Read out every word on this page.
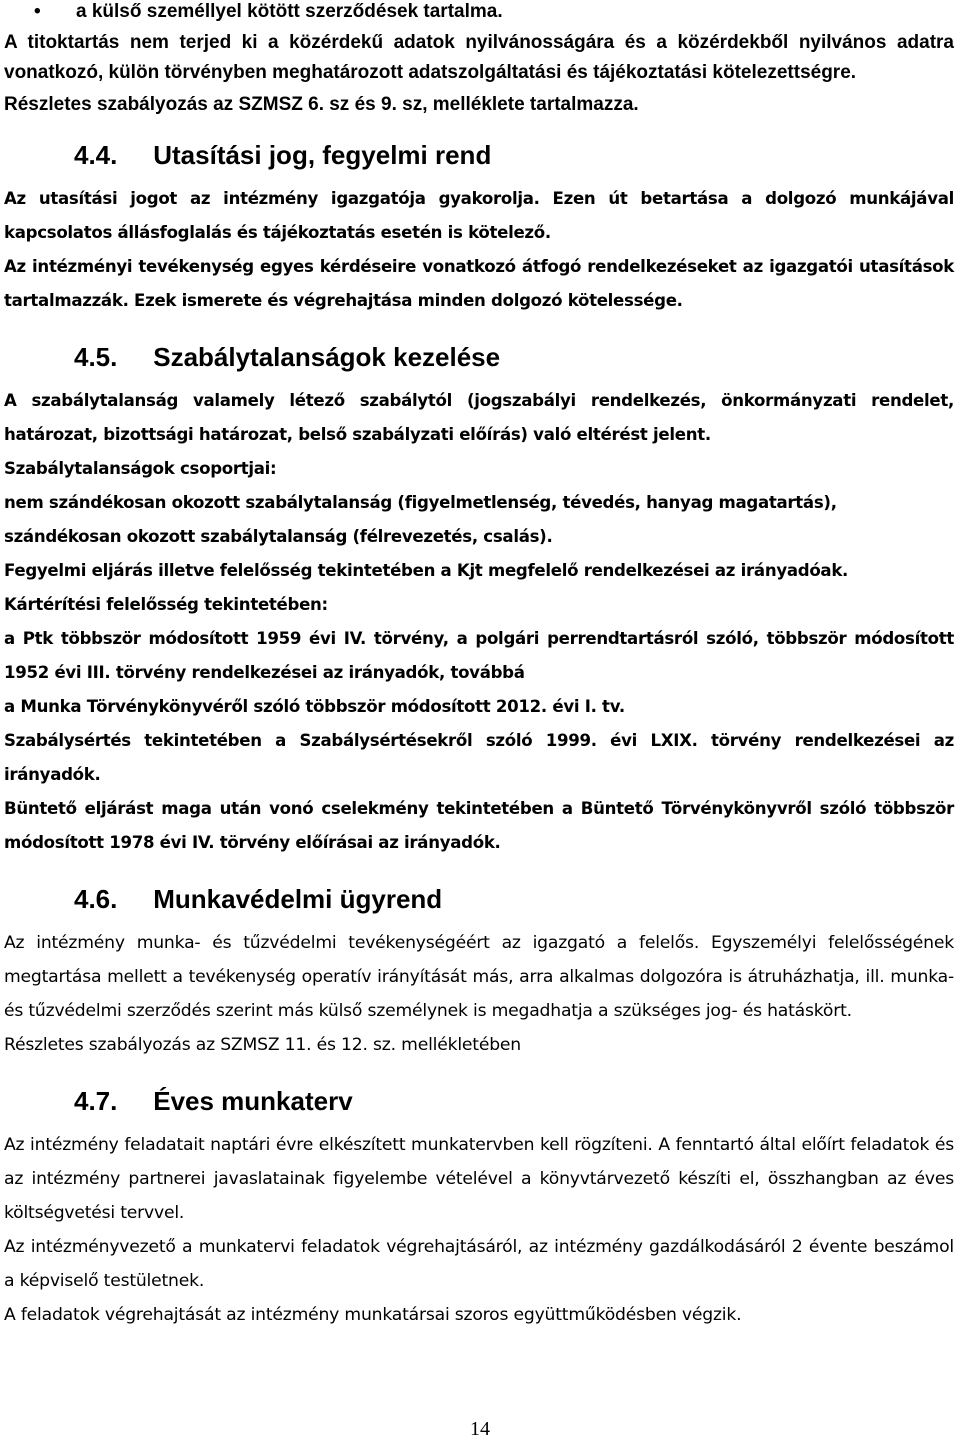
• a külső személlyel kötött szerződések tartalma.

A titoktartás nem terjed ki a közérdekű adatok nyilvánosságára és a közérdekből nyilvános adatra vonatkozó, külön törvényben meghatározott adatszolgáltatási és tájékoztatási kötelezettségre.

Részletes szabályozás az SZMSZ 6. sz és 9. sz, melléklete tartalmazza.

4.4. Utasítási jog, fegyelmi rend

Az utasítási jogot az intézmény igazgatója gyakorolja. Ezen út betartása a dolgozó munkájával kapcsolatos állásfoglalás és tájékoztatás esetén is kötelező.

Az intézményi tevékenység egyes kérdéseire vonatkozó átfogó rendelkezéseket az igazgatói utasítások tartalmazzák. Ezek ismerete és végrehajtása minden dolgozó kötelessége.

4.5. Szabálytalanságok kezelése

A szabálytalanság valamely létező szabálytól (jogszabályi rendelkezés, önkormányzati rendelet, határozat, bizottsági határozat, belső szabályzati előírás) való eltérést jelent.

Szabálytalanságok csoportjai:

nem szándékosan okozott szabálytalanság (figyelmetlenség, tévedés, hanyag magatartás),

szándékosan okozott szabálytalanság (félrevezetés, csalás).

Fegyelmi eljárás illetve felelősség tekintetében a Kjt megfelelő rendelkezései az irányadóak.

Kártérítési felelősség tekintetében:

a Ptk többször módosított 1959 évi IV. törvény, a polgári perrendtartásról szóló, többször módosított 1952 évi III. törvény rendelkezései az irányadók, továbbá

a Munka Törvénykönyvéről szóló többször módosított 2012. évi I. tv.

Szabálysértés tekintetében a Szabálysértésekről szóló 1999. évi LXIX. törvény rendelkezései az irányadók.

Büntető eljárást maga után vonó cselekmény tekintetében a Büntető Törvénykönyvről szóló többször módosított 1978 évi IV. törvény előírásai az irányadók.

4.6. Munkavédelmi ügyrend

Az intézmény munka- és tűzvédelmi tevékenységéért az igazgató a felelős. Egyszemélyi felelősségének megtartása mellett a tevékenység operatív irányítását más, arra alkalmas dolgozóra is átruházhatja, ill. munka- és tűzvédelmi szerződés szerint más külső személynek is megadhatja a szükséges jog- és hatáskört.

Részletes szabályozás az SZMSZ 11. és 12. sz. mellékletében

4.7. Éves munkaterv

Az intézmény feladatait naptári évre elkészített munkatervben kell rögzíteni. A fenntartó által előírt feladatok és az intézmény partnerei javaslatainak figyelembe vételével a könyvtárvezető készíti el, összhangban az éves költségvetési tervvel.

Az intézményvezető a munkatervi feladatok végrehajtásáról, az intézmény gazdálkodásáról 2 évente beszámol a képviselő testületnek.

A feladatok végrehajtását az intézmény munkatársai szoros együttműködésben végzik.

14
